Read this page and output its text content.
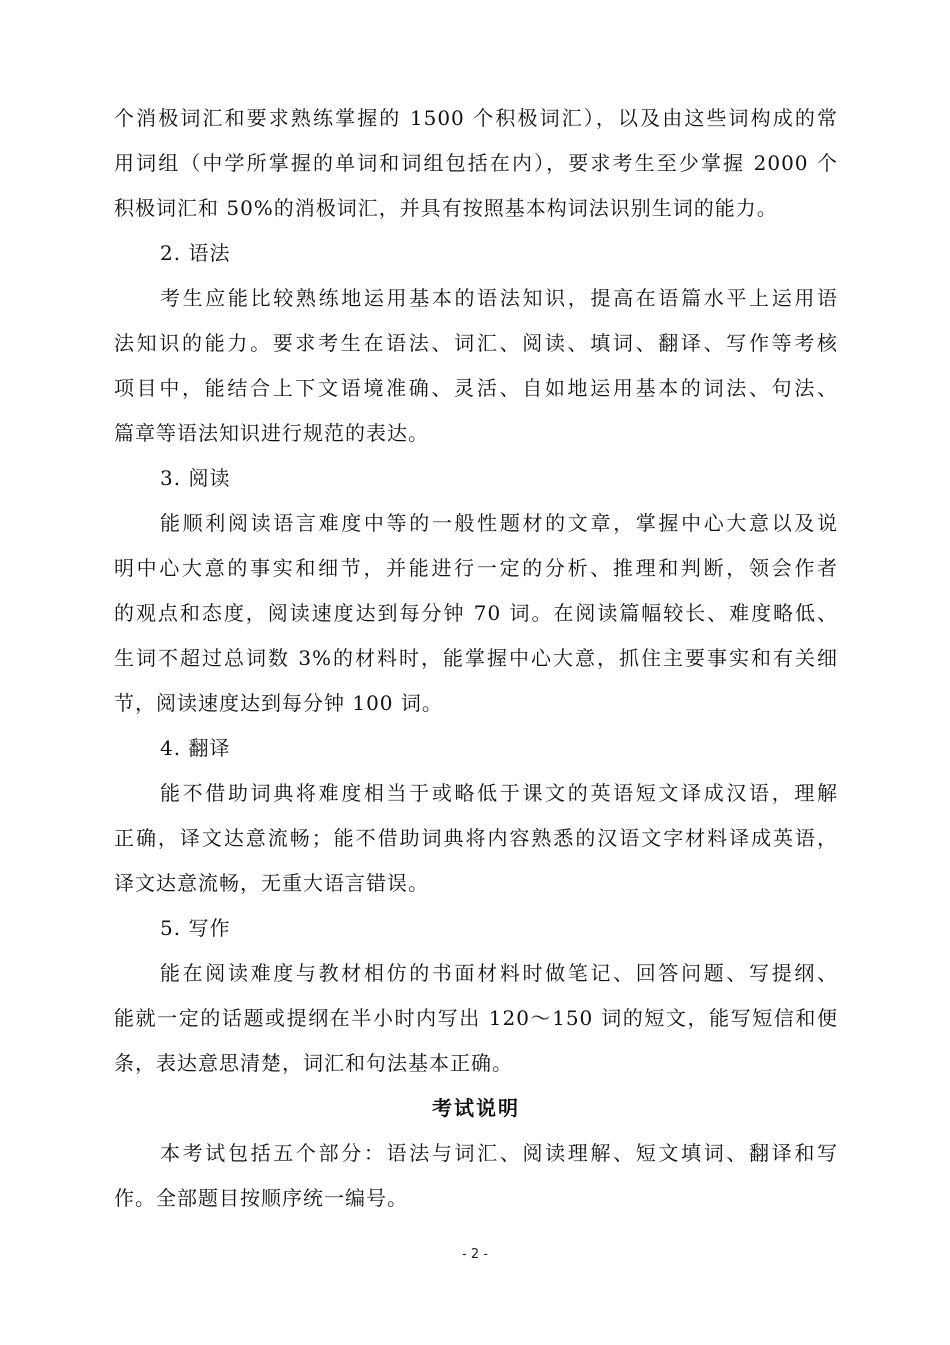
个消极词汇和要求熟练掌握的 1500 个积极词汇），以及由这些词构成的常
用词组（中学所掌握的单词和词组包括在内），要求考生至少掌握 2000 个
积极词汇和 50%的消极词汇，并具有按照基本构词法识别生词的能力。
2. 语法
考生应能比较熟练地运用基本的语法知识，提高在语篇水平上运用语
法知识的能力。要求考生在语法、词汇、阅读、填词、翻译、写作等考核
项目中，能结合上下文语境准确、灵活、自如地运用基本的词法、句法、
篇章等语法知识进行规范的表达。
3. 阅读
能顺利阅读语言难度中等的一般性题材的文章，掌握中心大意以及说
明中心大意的事实和细节，并能进行一定的分析、推理和判断，领会作者
的观点和态度，阅读速度达到每分钟 70 词。在阅读篇幅较长、难度略低、
生词不超过总词数 3%的材料时，能掌握中心大意，抓住主要事实和有关细
节，阅读速度达到每分钟 100 词。
4. 翻译
能不借助词典将难度相当于或略低于课文的英语短文译成汉语，理解
正确，译文达意流畅；能不借助词典将内容熟悉的汉语文字材料译成英语，
译文达意流畅，无重大语言错误。
5. 写作
能在阅读难度与教材相仿的书面材料时做笔记、回答问题、写提纲、
能就一定的话题或提纲在半小时内写出 120～150 词的短文，能写短信和便
条，表达意思清楚，词汇和句法基本正确。
考试说明
本考试包括五个部分：语法与词汇、阅读理解、短文填词、翻译和写
作。全部题目按顺序统一编号。
- 2 -
